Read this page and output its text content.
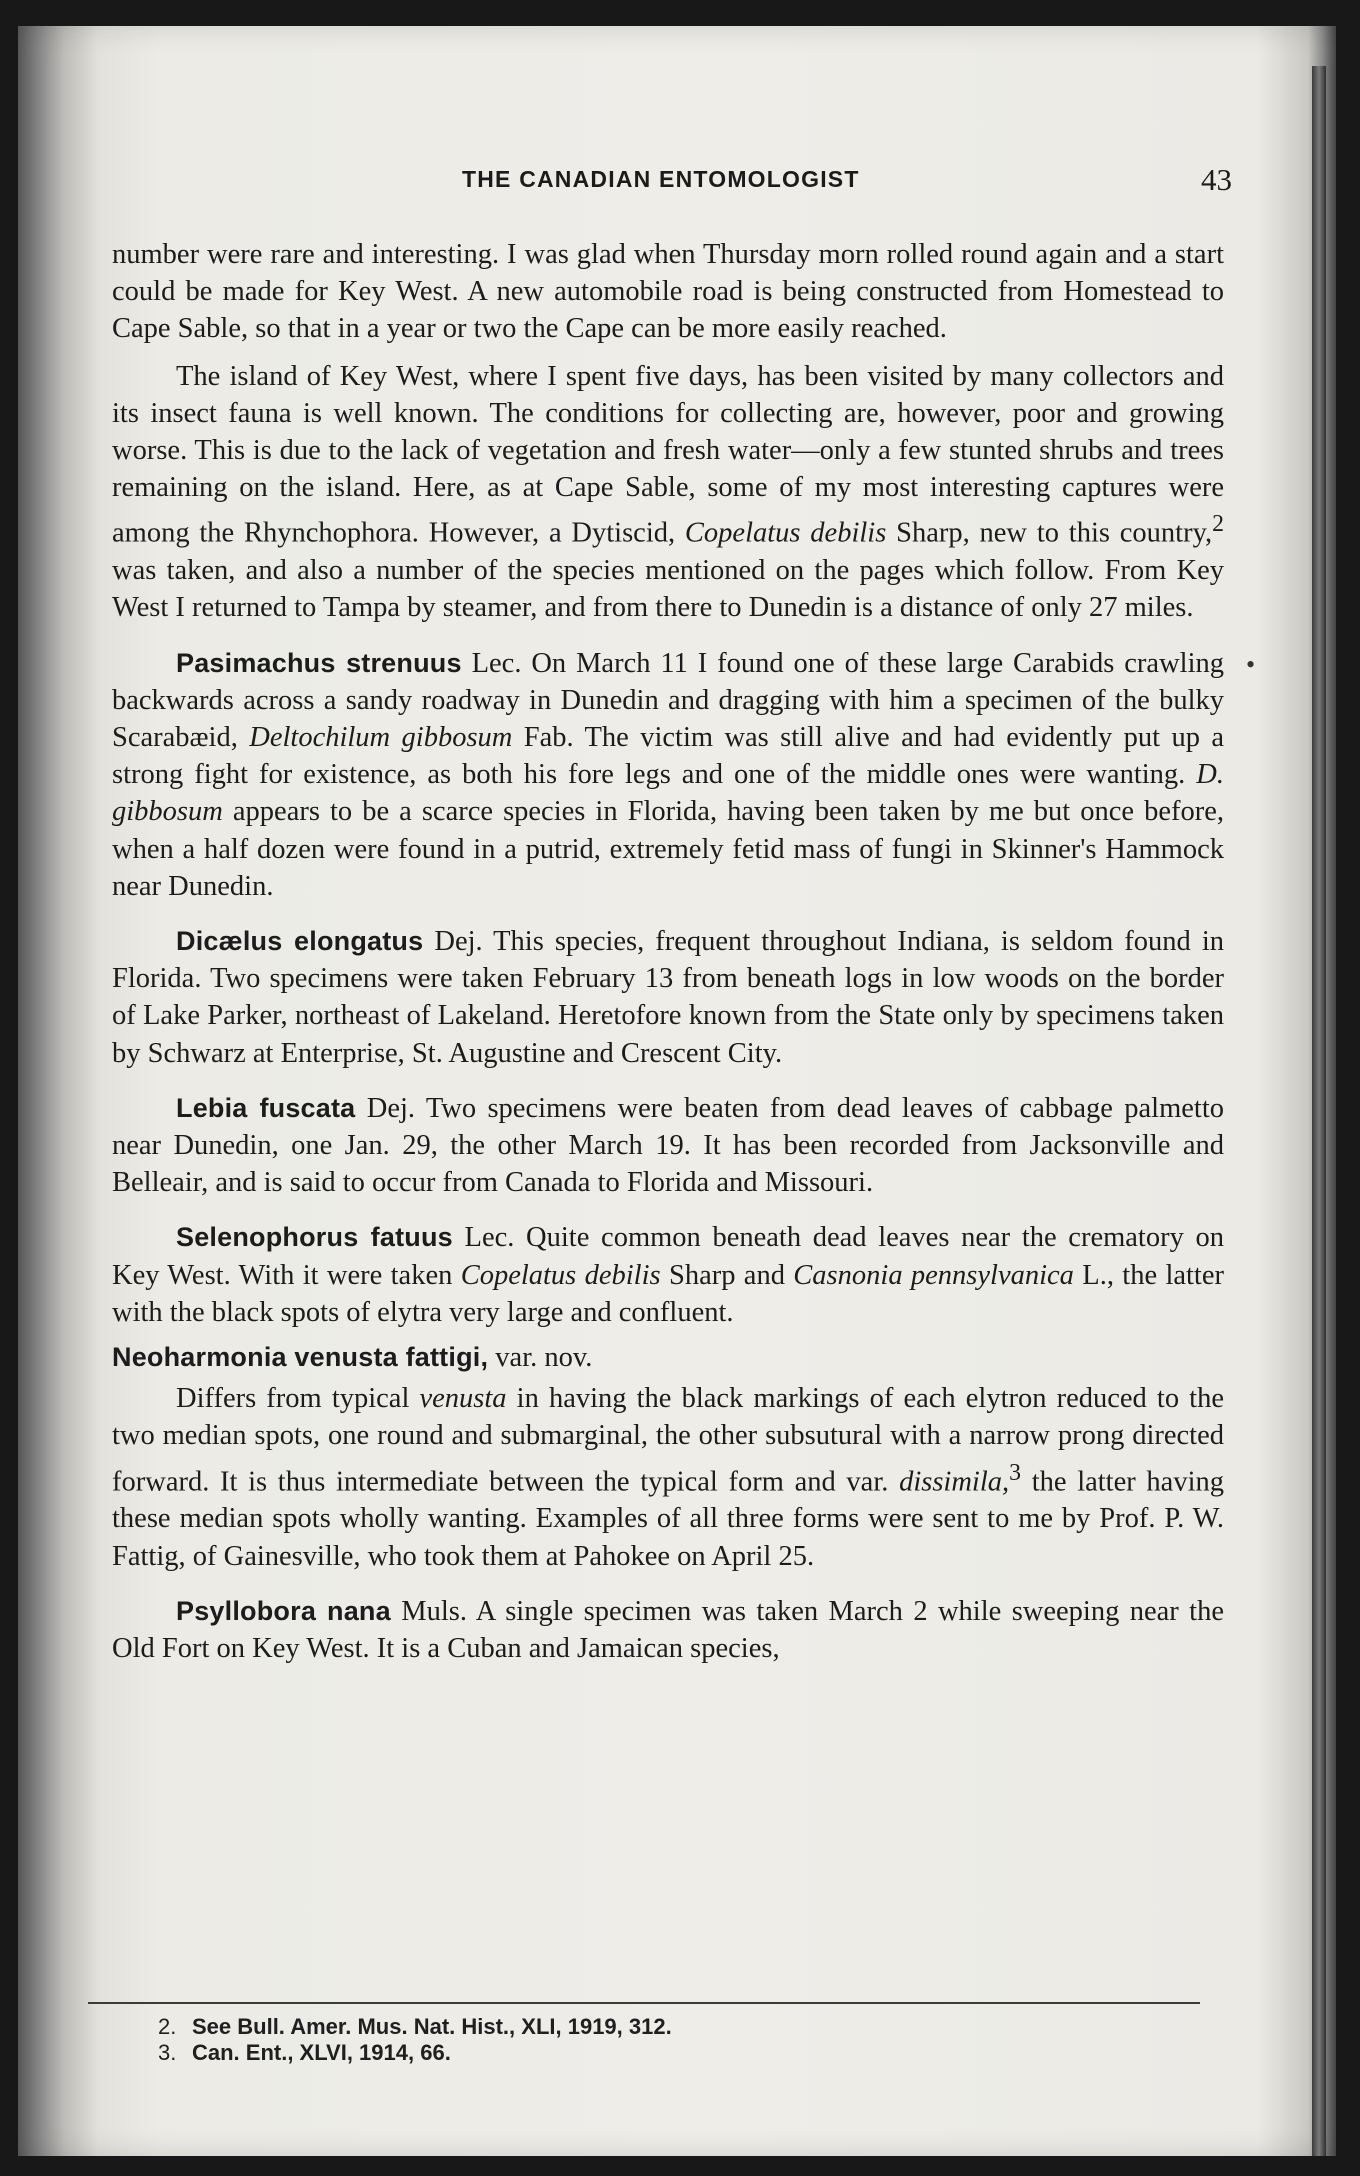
THE CANADIAN ENTOMOLOGIST	43

number were rare and interesting. I was glad when Thursday morn rolled round again and a start could be made for Key West. A new automobile road is being constructed from Homestead to Cape Sable, so that in a year or two the Cape can be more easily reached.

The island of Key West, where I spent five days, has been visited by many collectors and its insect fauna is well known. The conditions for collecting are, however, poor and growing worse. This is due to the lack of vegetation and fresh water—only a few stunted shrubs and trees remaining on the island. Here, as at Cape Sable, some of my most interesting captures were among the Rhynchophora. However, a Dytiscid, Copelatus debilis Sharp, new to this country,$^2$ was taken, and also a number of the species mentioned on the pages which follow. From Key West I returned to Tampa by steamer, and from there to Dunedin is a distance of only 27 miles.

Pasimachus strenuus Lec. On March 11 I found one of these large Carabids crawling backwards across a sandy roadway in Dunedin and dragging with him a specimen of the bulky Scarabæid, Deltochilum gibbosum Fab. The victim was still alive and had evidently put up a strong fight for existence, as both his fore legs and one of the middle ones were wanting. D. gibbosum appears to be a scarce species in Florida, having been taken by me but once before, when a half dozen were found in a putrid, extremely fetid mass of fungi in Skinner's Hammock near Dunedin.

Dicælus elongatus Dej. This species, frequent throughout Indiana, is seldom found in Florida. Two specimens were taken February 13 from beneath logs in low woods on the border of Lake Parker, northeast of Lakeland. Heretofore known from the State only by specimens taken by Schwarz at Enterprise, St. Augustine and Crescent City.

Lebia fuscata Dej. Two specimens were beaten from dead leaves of cabbage palmetto near Dunedin, one Jan. 29, the other March 19. It has been recorded from Jacksonville and Belleair, and is said to occur from Canada to Florida and Missouri.

Selenophorus fatuus Lec. Quite common beneath dead leaves near the crematory on Key West. With it were taken Copelatus debilis Sharp and Casnonia pennsylvanica L., the latter with the black spots of elytra very large and confluent.

Neoharmonia venusta fattigi, var. nov.

Differs from typical venusta in having the black markings of each elytron reduced to the two median spots, one round and submarginal, the other subsutural with a narrow prong directed forward. It is thus intermediate between the typical form and var. dissimila,$^3$ the latter having these median spots wholly wanting. Examples of all three forms were sent to me by Prof. P. W. Fattig, of Gainesville, who took them at Pahokee on April 25.

Psyllobora nana Muls. A single specimen was taken March 2 while sweeping near the Old Fort on Key West. It is a Cuban and Jamaican species,

•
2. See Bull. Amer. Mus. Nat. Hist., XLI, 1919, 312.
3. Can. Ent., XLVI, 1914, 66.
